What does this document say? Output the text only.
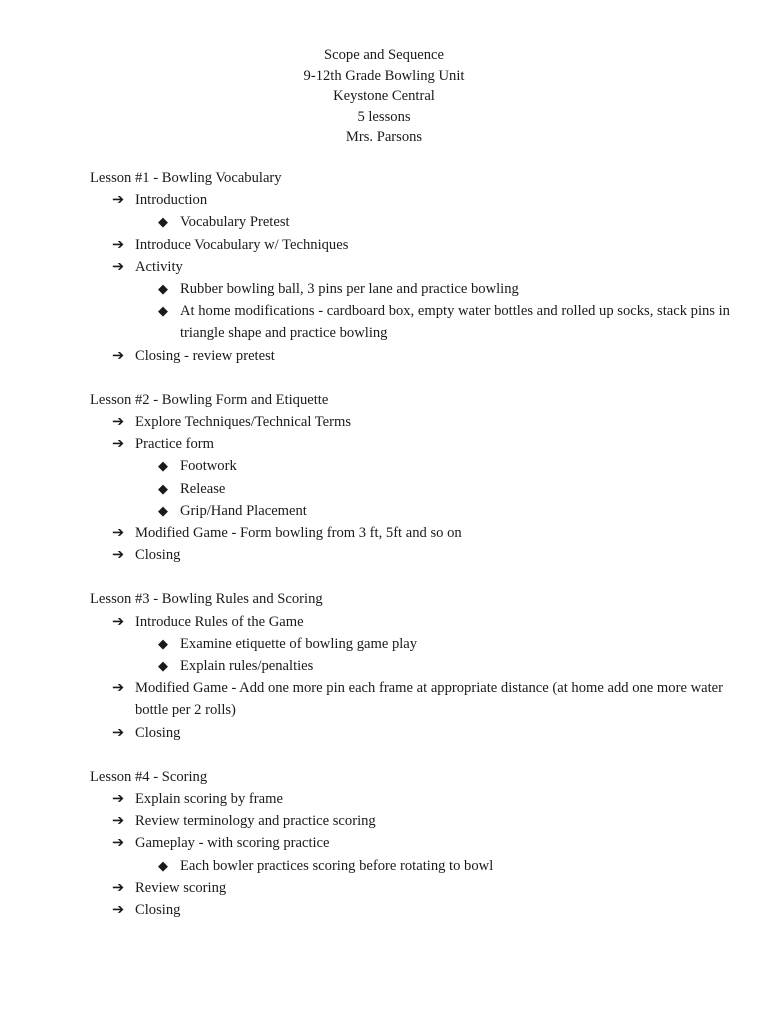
Scope and Sequence
9-12th Grade Bowling Unit
Keystone Central
5 lessons
Mrs. Parsons
Lesson #1 - Bowling Vocabulary
➔ Introduction
◆ Vocabulary Pretest
➔ Introduce Vocabulary w/ Techniques
➔ Activity
◆ Rubber bowling ball, 3 pins per lane and practice bowling
◆ At home modifications - cardboard box, empty water bottles and rolled up socks, stack pins in triangle shape and practice bowling
➔ Closing - review pretest
Lesson #2 - Bowling Form and Etiquette
➔ Explore Techniques/Technical Terms
➔ Practice form
◆ Footwork
◆ Release
◆ Grip/Hand Placement
➔ Modified Game - Form bowling from 3 ft, 5ft and so on
➔ Closing
Lesson #3 - Bowling Rules and Scoring
➔ Introduce Rules of the Game
◆ Examine etiquette of bowling game play
◆ Explain rules/penalties
➔ Modified Game - Add one more pin each frame at appropriate distance (at home add one more water bottle per 2 rolls)
➔ Closing
Lesson #4 - Scoring
➔ Explain scoring by frame
➔ Review terminology and practice scoring
➔ Gameplay - with scoring practice
◆ Each bowler practices scoring before rotating to bowl
➔ Review scoring
➔ Closing
